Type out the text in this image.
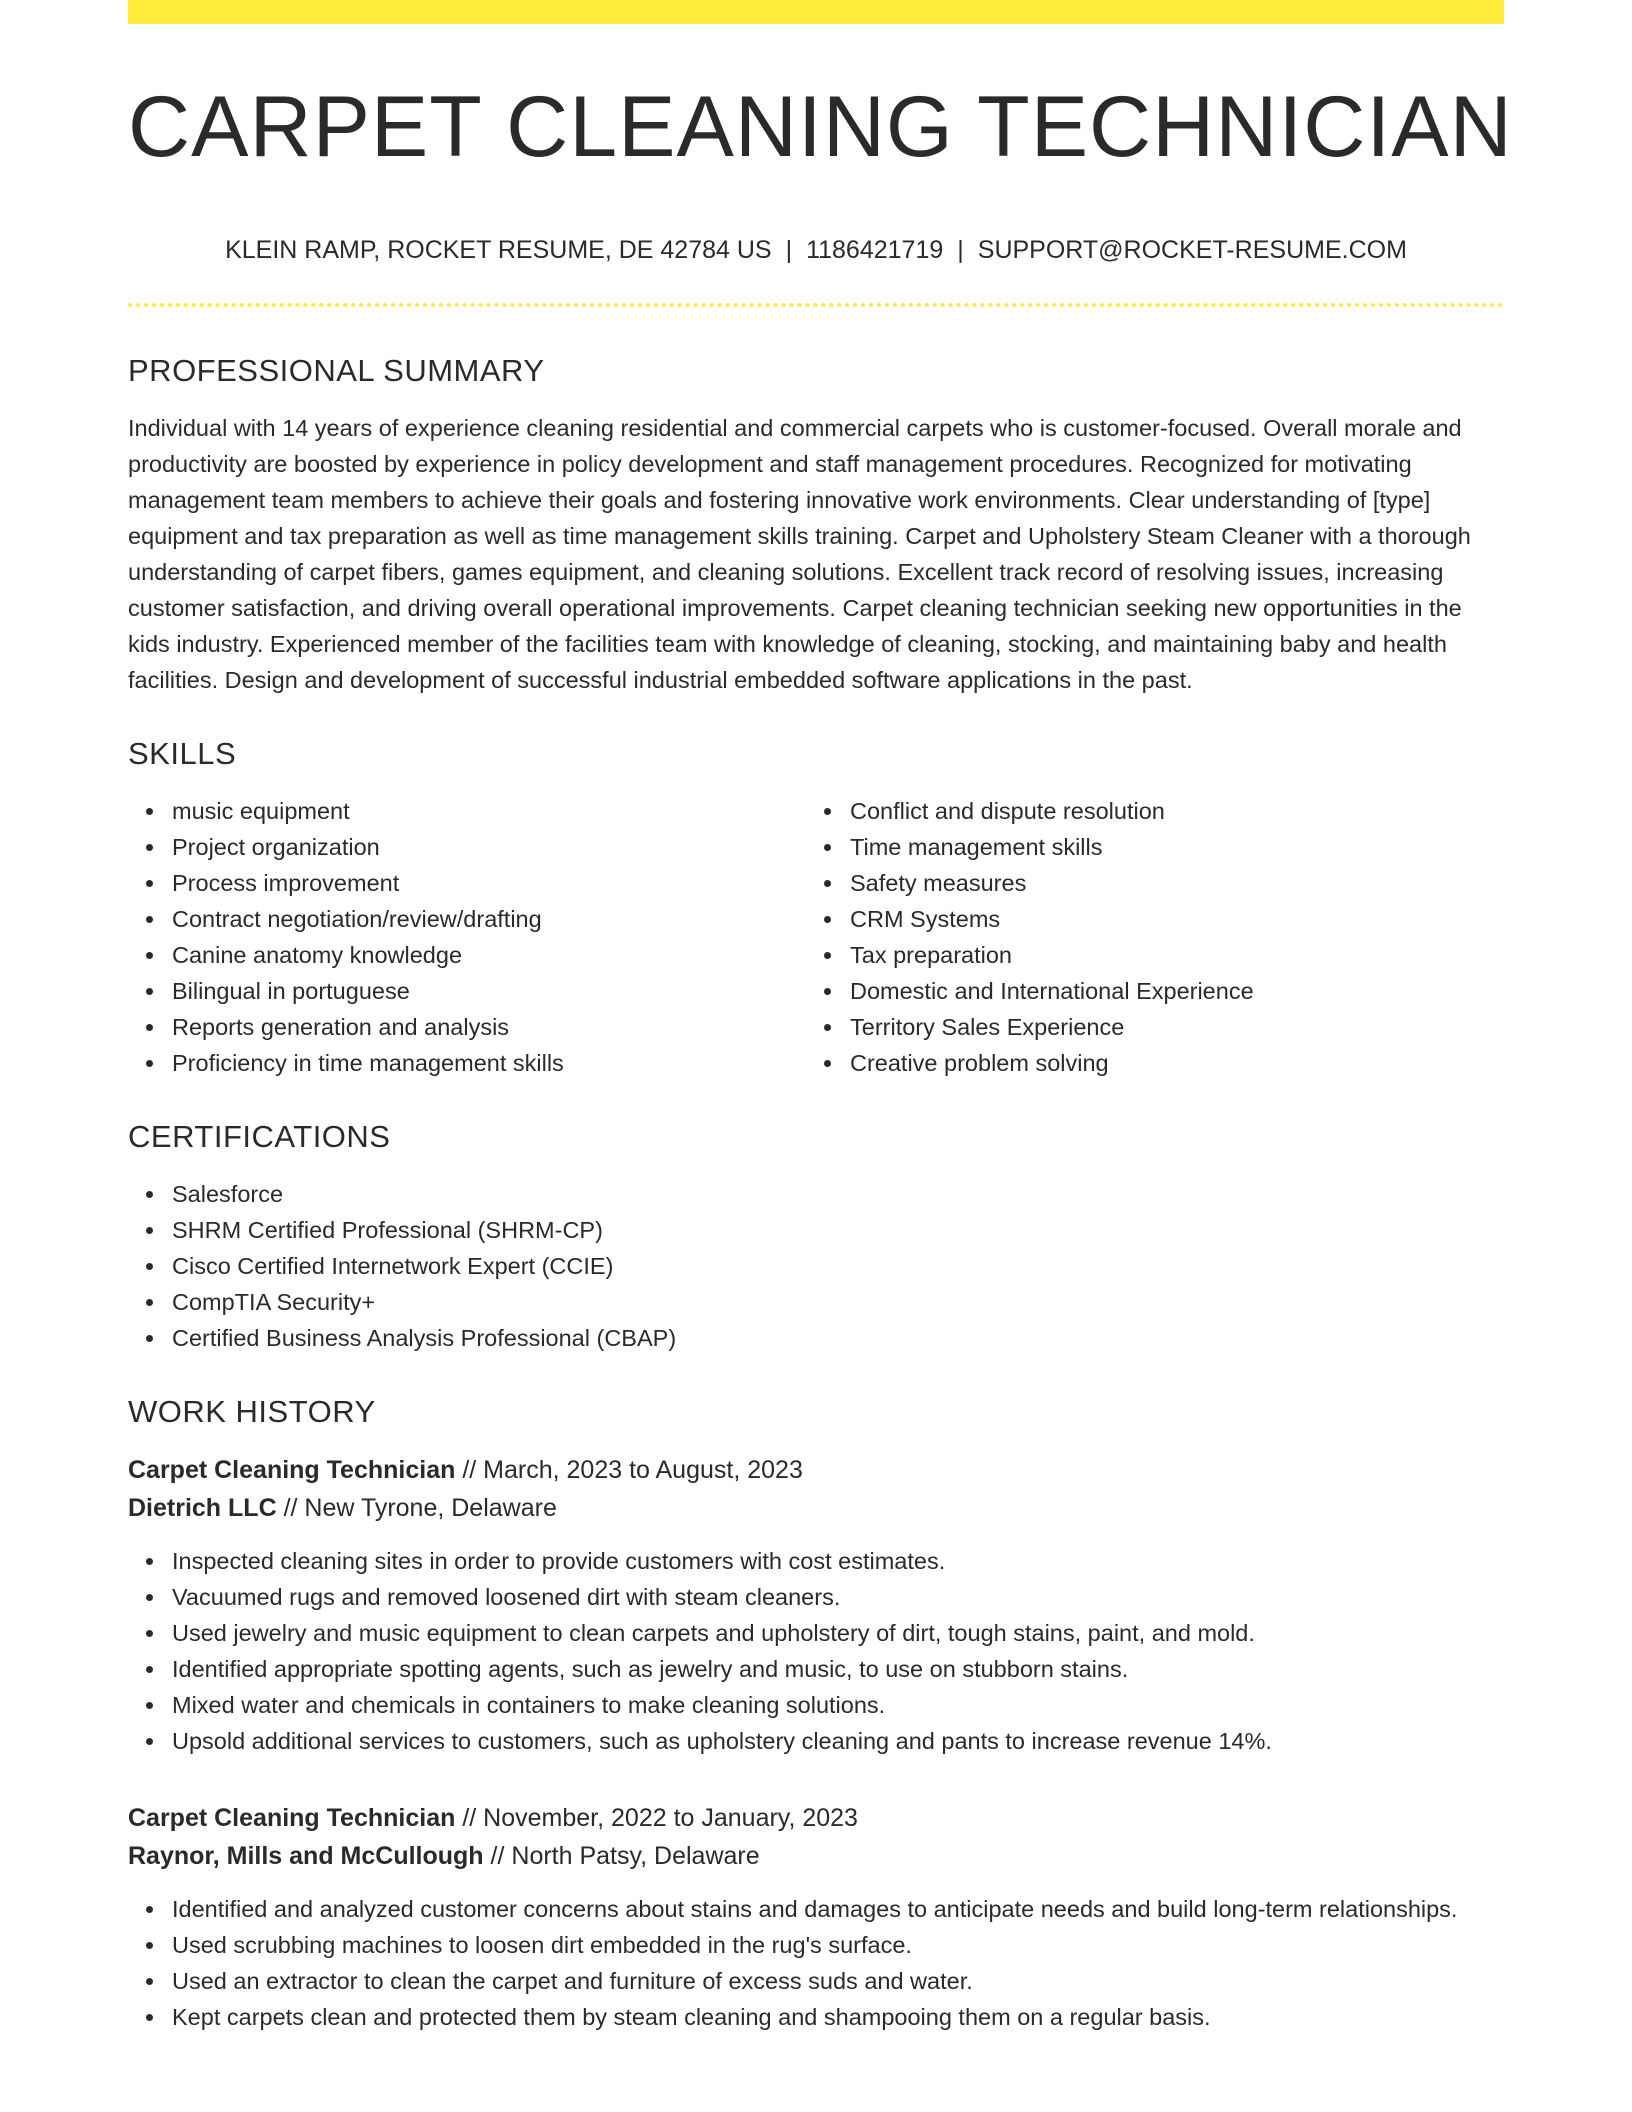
CARPET CLEANING TECHNICIAN
KLEIN RAMP, ROCKET RESUME, DE 42784 US | 1186421719 | SUPPORT@ROCKET-RESUME.COM
PROFESSIONAL SUMMARY

Individual with 14 years of experience cleaning residential and commercial carpets who is customer-focused. Overall morale and productivity are boosted by experience in policy development and staff management procedures. Recognized for motivating management team members to achieve their goals and fostering innovative work environments. Clear understanding of [type] equipment and tax preparation as well as time management skills training. Carpet and Upholstery Steam Cleaner with a thorough understanding of carpet fibers, games equipment, and cleaning solutions. Excellent track record of resolving issues, increasing customer satisfaction, and driving overall operational improvements. Carpet cleaning technician seeking new opportunities in the kids industry. Experienced member of the facilities team with knowledge of cleaning, stocking, and maintaining baby and health facilities. Design and development of successful industrial embedded software applications in the past.

SKILLS
music equipment
Project organization
Process improvement
Contract negotiation/review/drafting
Canine anatomy knowledge
Bilingual in portuguese
Reports generation and analysis
Proficiency in time management skills
Conflict and dispute resolution
Time management skills
Safety measures
CRM Systems
Tax preparation
Domestic and International Experience
Territory Sales Experience
Creative problem solving
CERTIFICATIONS
Salesforce
SHRM Certified Professional (SHRM-CP)
Cisco Certified Internetwork Expert (CCIE)
CompTIA Security+
Certified Business Analysis Professional (CBAP)
WORK HISTORY
Carpet Cleaning Technician // March, 2023 to August, 2023
Dietrich LLC // New Tyrone, Delaware
Inspected cleaning sites in order to provide customers with cost estimates.
Vacuumed rugs and removed loosened dirt with steam cleaners.
Used jewelry and music equipment to clean carpets and upholstery of dirt, tough stains, paint, and mold.
Identified appropriate spotting agents, such as jewelry and music, to use on stubborn stains.
Mixed water and chemicals in containers to make cleaning solutions.
Upsold additional services to customers, such as upholstery cleaning and pants to increase revenue 14%.
Carpet Cleaning Technician // November, 2022 to January, 2023
Raynor, Mills and McCullough // North Patsy, Delaware
Identified and analyzed customer concerns about stains and damages to anticipate needs and build long-term relationships.
Used scrubbing machines to loosen dirt embedded in the rug's surface.
Used an extractor to clean the carpet and furniture of excess suds and water.
Kept carpets clean and protected them by steam cleaning and shampooing them on a regular basis.
